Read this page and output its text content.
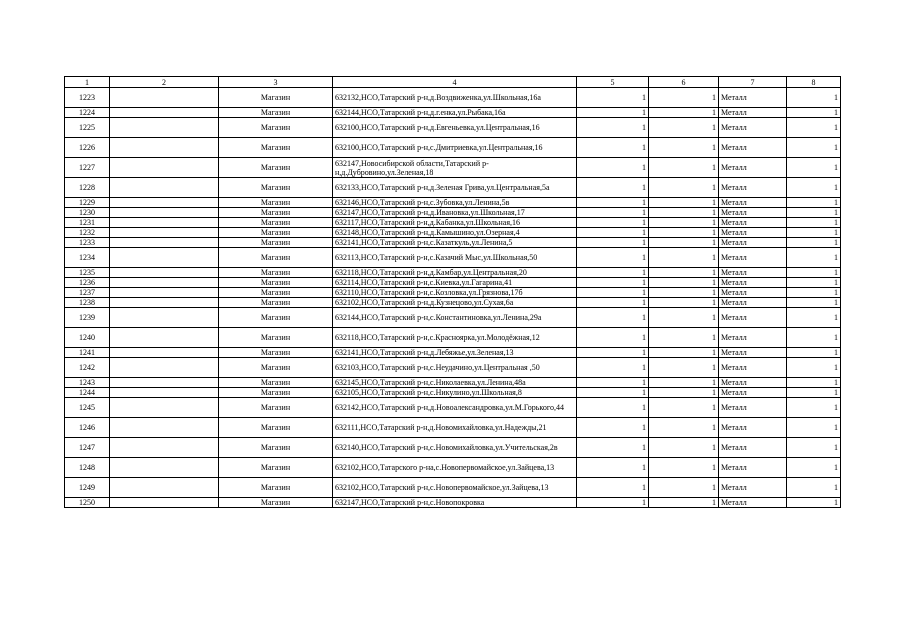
1	2	3	4	5	6	7	8
1223		Магазин	632132,НСО,Татарский р-н,д.Воздвиженка,ул.Школьная,16а	1	1	Металл	1
1224		Магазин	632144,НСО,Татарский р-н,д.г.енка,ул.Рыбака,16а	1	1	Металл	1
1225		Магазин	632100,НСО,Татарский р-н,д.Евгеньевка,ул.Центральная,16	1	1	Металл	1
1226		Магазин	632100,НСО,Татарский р-н,с.Дмитриевка,ул.Центральная,16	1	1	Металл	1
1227		Магазин	632147,Новосибирской области,Татарский р-н,д.Дубровино,ул.Зеленая,18	1	1	Металл	1
1228		Магазин	632133,НСО,Татарский р-н,д.Зеленая Грива,ул.Центральная,5а	1	1	Металл	1
1229		Магазин	632146,НСО,Татарский р-н,с.Зубовка,ул.Ленина,5в	1	1	Металл	1
1230		Магазин	632147,НСО,Татарский р-н,д.Ивановка,ул.Школьная,17	1	1	Металл	1
1231		Магазин	632117,НСО,Татарский р-н,д.Кабанка,ул.Школьная,16	1	1	Металл	1
1232		Магазин	632148,НСО,Татарский р-н,д.Камышино,ул.Озерная,4	1	1	Металл	1
1233		Магазин	632141,НСО,Татарский р-н,с.Казаткуль,ул.Ленина,5	1	1	Металл	1
1234		Магазин	632113,НСО,Татарский р-н,с.Казачий Мыс,ул.Школьная,50	1	1	Металл	1
1235		Магазин	632118,НСО,Татарский р-н,д.Камбар,ул.Центральная,20	1	1	Металл	1
1236		Магазин	632114,НСО,Татарский р-н,с.Киевка,ул.Гагарина,41	1	1	Металл	1
1237		Магазин	632110,НСО,Татарский р-н,с.Козловка,ул.Грязнова,17б	1	1	Металл	1
1238		Магазин	632102,НСО,Татарский р-н,д.Кузнецово,ул.Сухая,6а	1	1	Металл	1
1239		Магазин	632144,НСО,Татарский р-н,с.Константиновка,ул.Ленина,29а	1	1	Металл	1
1240		Магазин	632118,НСО,Татарский р-н,с.Красноярка,ул.Молодёжная,12	1	1	Металл	1
1241		Магазин	632141,НСО,Татарский р-н,д.Лебяжье,ул.Зеленая,13	1	1	Металл	1
1242		Магазин	632103,НСО,Татарский р-н,с.Неудачино,ул.Центральная ,50	1	1	Металл	1
1243		Магазин	632145,НСО,Татарский р-н,с.Николаевка,ул.Ленина,48а	1	1	Металл	1
1244		Магазин	632105,НСО,Татарский р-н,с.Никулино,ул.Школьная,8	1	1	Металл	1
1245		Магазин	632142,НСО,Татарский р-н,д.Новоалександровка,ул.М.Горького,44	1	1	Металл	1
1246		Магазин	632111,НСО,Татарский р-н,д.Новомихайловка,ул.Надежды,21	1	1	Металл	1
1247		Магазин	632140,НСО,Татарский р-н,с.Новомихайловка,ул.Учительская,2в	1	1	Металл	1
1248		Магазин	632102,НСО,Татарского р-на,с.Новопервомайское,ул.Зайцева,13	1	1	Металл	1
1249		Магазин	632102,НСО,Татарский р-н,с.Новопервомайское,ул.Зайцева,13	1	1	Металл	1
1250		Магазин	632147,НСО,Татарский р-н,с.Новопокровка	1	1	Металл	1
